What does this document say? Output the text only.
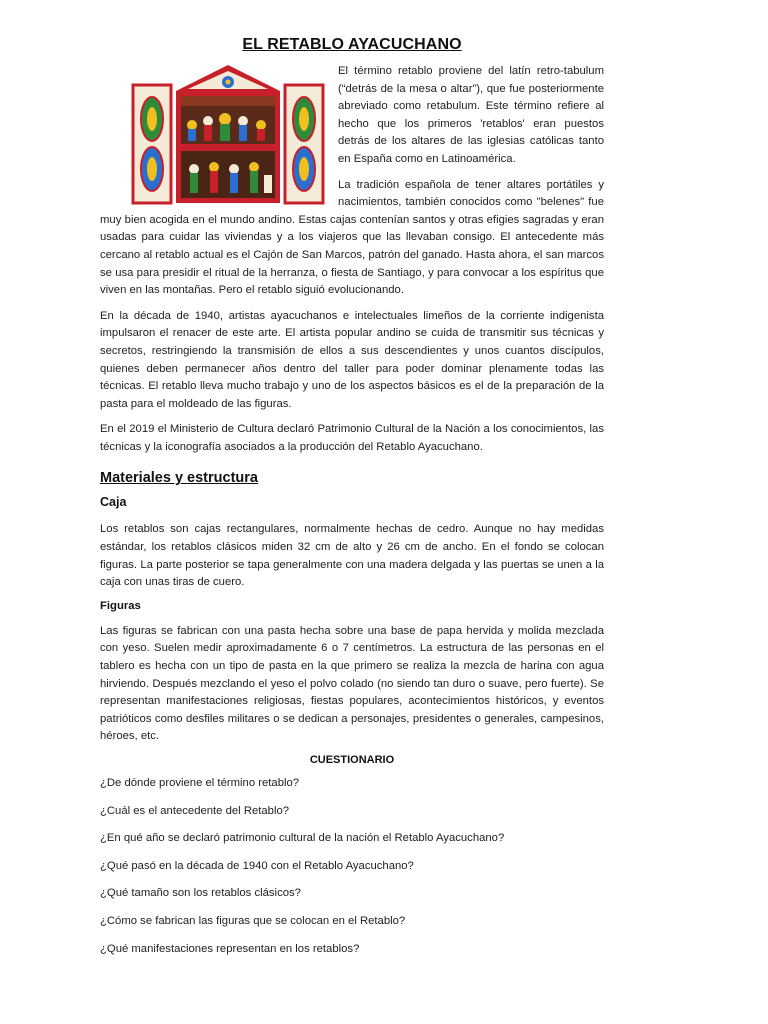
EL RETABLO AYACUCHANO

El término retablo proviene del latín retro-tabulum (“detrás de la mesa o altar”), que fue posteriormente abreviado como retabulum. Este término refiere al hecho que los primeros 'retablos' eran puestos detrás de los altares de las iglesias católicas tanto en España como en Latinoamérica.

La tradición española de tener altares portátiles y nacimientos, también conocidos como "belenes" fue muy bien acogida en el mundo andino. Estas cajas contenían santos y otras efigies sagradas y eran usadas para cuidar las viviendas y a los viajeros que las llevaban consigo. El antecedente más cercano al retablo actual es el Cajón de San Marcos, patrón del ganado. Hasta ahora, el san marcos se usa para presidir el ritual de la herranza, o fiesta de Santiago, y para convocar a los espíritus que viven en las montañas. Pero el retablo siguió evolucionando.

En la década de 1940, artistas ayacuchanos e intelectuales limeños de la corriente indigenista impulsaron el renacer de este arte. El artista popular andino se cuida de transmitir sus técnicas y secretos, restringiendo la transmisión de ellos a sus descendientes y unos cuantos discípulos, quienes deben permanecer años dentro del taller para poder dominar plenamente todas las técnicas. El retablo lleva mucho trabajo y uno de los aspectos básicos es el de la preparación de la pasta para el moldeado de las figuras.

En el 2019 el Ministerio de Cultura declaró Patrimonio Cultural de la Nación a los conocimientos, las técnicas y la iconografía asociados a la producción del Retablo Ayacuchano.

Materiales y estructura
Caja

Los retablos son cajas rectangulares, normalmente hechas de cedro. Aunque no hay medidas estándar, los retablos clásicos miden 32 cm de alto y 26 cm de ancho. En el fondo se colocan figuras. La parte posterior se tapa generalmente con una madera delgada y las puertas se unen a la caja con unas tiras de cuero.

Figuras

Las figuras se fabrican con una pasta hecha sobre una base de papa hervida y molida mezclada con yeso. Suelen medir aproximadamente 6 o 7 centímetros. La estructura de las personas en el tablero es hecha con un tipo de pasta en la que primero se realiza la mezcla de harina con agua hirviendo. Después mezclando el yeso el polvo colado (no siendo tan duro o suave, pero fuerte). Se representan manifestaciones religiosas, fiestas populares, acontecimientos históricos, y eventos patrióticos como desfiles militares o se dedican a personajes, presidentes o generales, campesinos, héroes, etc.

CUESTIONARIO
¿De dónde proviene el término retablo?
¿Cuál es el antecedente del Retablo?
¿En qué año se declaró patrimonio cultural de la nación el Retablo Ayacuchano?
¿Qué pasó en la década de 1940 con el Retablo Ayacuchano?
¿Qué tamaño son los retablos clásicos?
¿Cómo se fabrican las figuras que se colocan en el Retablo?
¿Qué manifestaciones representan en los retablos?
